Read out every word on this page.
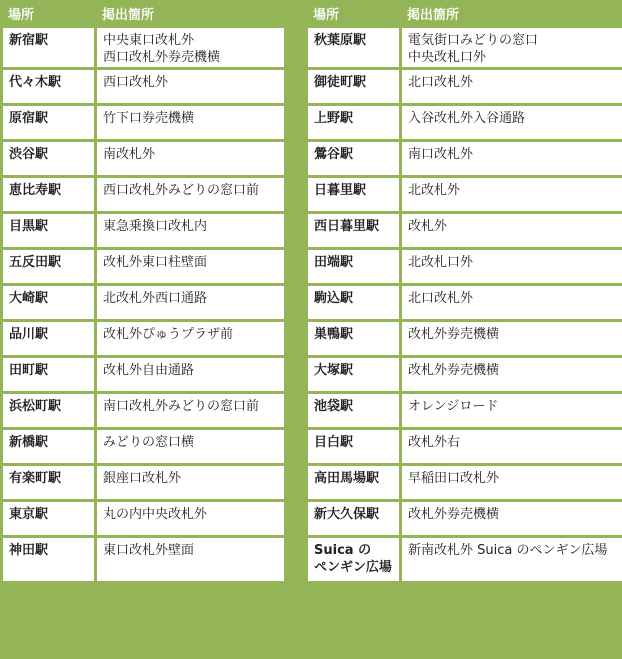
場所	掲出箇所

新宿駅	中央東口改札外
西口改札外券売機横

代々木駅	西口改札外

原宿駅	竹下口券売機横

渋谷駅	南改札外

恵比寿駅	西口改札外みどりの窓口前

目黒駅	東急乗換口改札内

五反田駅	改札外東口柱壁面

大崎駅	北改札外西口通路

品川駅	改札外ぴゅうプラザ前

田町駅	改札外自由通路

浜松町駅	南口改札外みどりの窓口前

新橋駅	みどりの窓口横

有楽町駅	銀座口改札外

東京駅	丸の内中央改札外

神田駅	東口改札外壁面
場所	掲出箇所

秋葉原駅	電気街口みどりの窓口
中央改札口外

御徒町駅	北口改札外

上野駅	入谷改札外入谷通路

鶯谷駅	南口改札外

日暮里駅	北改札外

西日暮里駅	改札外

田端駅	北改札口外

駒込駅	北口改札外

巣鴨駅	改札外券売機横

大塚駅	改札外券売機横

池袋駅	オレンジロード

目白駅	改札外右

高田馬場駅	早稲田口改札外

新大久保駅	改札外券売機横

Suica の
ペンギン広場	新南改札外 Suica のペンギン広場
